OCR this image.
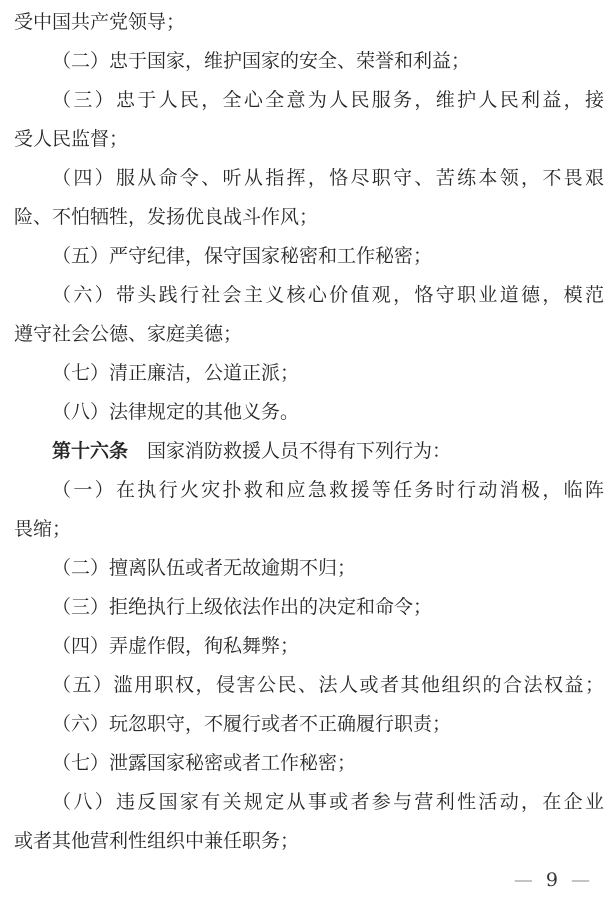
受中国共产党领导；
（二）忠于国家，维护国家的安全、荣誉和利益；
（三）忠于人民，全心全意为人民服务，维护人民利益，接
受人民监督；
（四）服从命令、听从指挥，恪尽职守、苦练本领，不畏艰
险、不怕牺牲，发扬优良战斗作风；
（五）严守纪律，保守国家秘密和工作秘密；
（六）带头践行社会主义核心价值观，恪守职业道德，模范
遵守社会公德、家庭美德；
（七）清正廉洁，公道正派；
（八）法律规定的其他义务。
第十六条 国家消防救援人员不得有下列行为：
（一）在执行火灾扑救和应急救援等任务时行动消极，临阵
畏缩；
（二）擅离队伍或者无故逾期不归；
（三）拒绝执行上级依法作出的决定和命令；
（四）弄虚作假，徇私舞弊；
（五）滥用职权，侵害公民、法人或者其他组织的合法权益；
（六）玩忽职守，不履行或者不正确履行职责；
（七）泄露国家秘密或者工作秘密；
（八）违反国家有关规定从事或者参与营利性活动，在企业
或者其他营利性组织中兼任职务；
— 9 —
